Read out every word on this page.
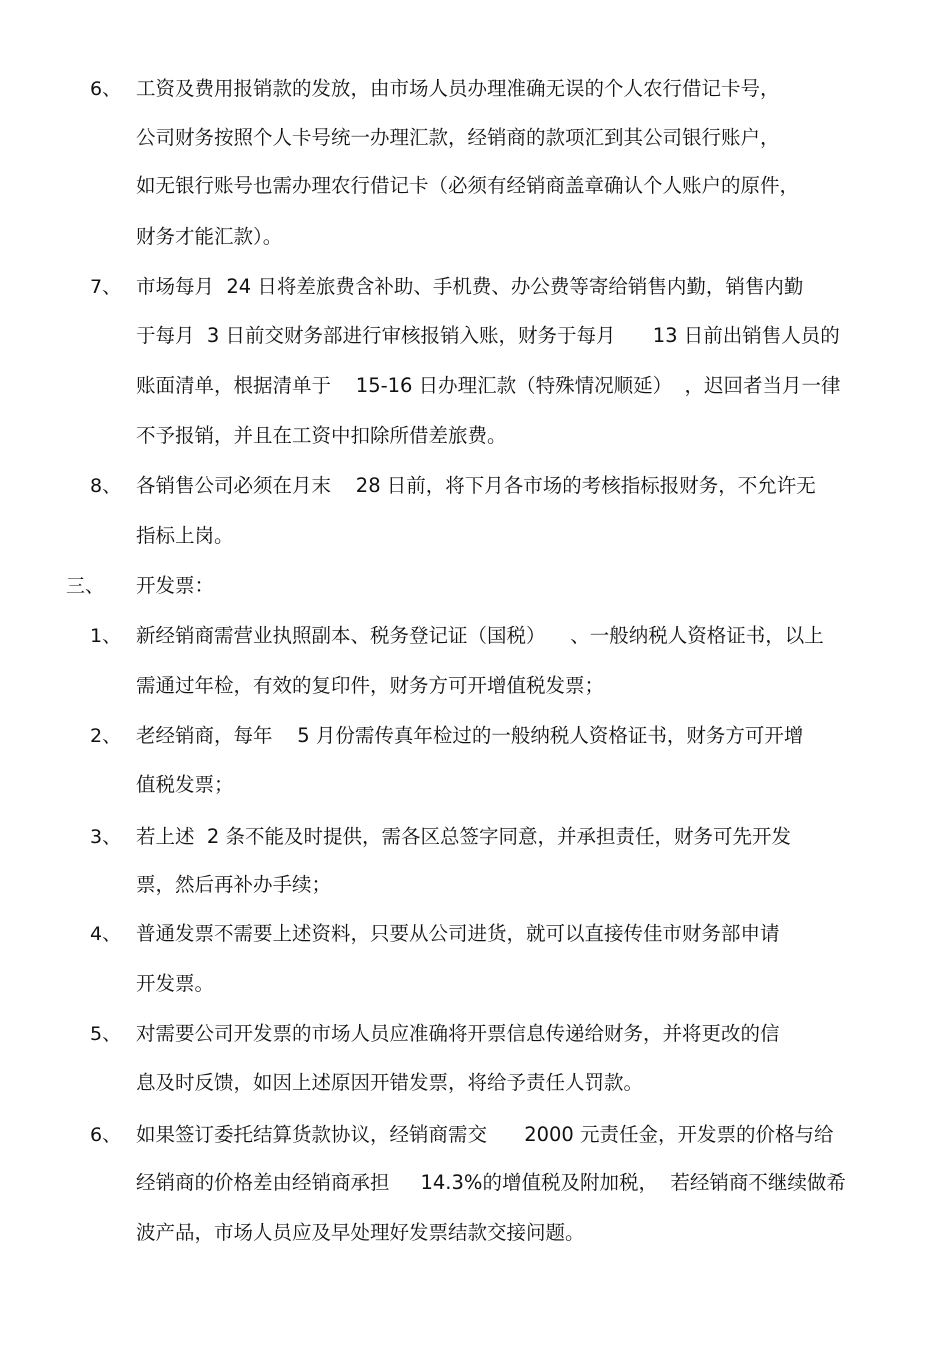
6、 工资及费用报销款的发放，由市场人员办理准确无误的个人农行借记卡号，
公司财务按照个人卡号统一办理汇款，经销商的款项汇到其公司银行账户，
如无银行账号也需办理农行借记卡（必须有经销商盖章确认个人账户的原件，
财务才能汇款）。
7、 市场每月  24 日将差旅费含补助、手机费、办公费等寄给销售内勤，销售内勤
于每月  3 日前交财务部进行审核报销入账，财务于每月      13 日前出销售人员的
账面清单，根据清单于    15-16 日办理汇款（特殊情况顺延）  ，迟回者当月一律
不予报销，并且在工资中扣除所借差旅费。
8、 各销售公司必须在月末    28 日前，将下月各市场的考核指标报财务，不允许无
指标上岗。
三、 开发票：
1、 新经销商需营业执照副本、税务登记证（国税）    、一般纳税人资格证书，以上
需通过年检，有效的复印件，财务方可开增值税发票；
2、 老经销商，每年    5 月份需传真年检过的一般纳税人资格证书，财务方可开增
值税发票；
3、 若上述  2 条不能及时提供，需各区总签字同意，并承担责任，财务可先开发
票，然后再补办手续；
4、 普通发票不需要上述资料，只要从公司进货，就可以直接传佳市财务部申请
开发票。
5、 对需要公司开发票的市场人员应准确将开票信息传递给财务，并将更改的信
息及时反馈，如因上述原因开错发票，将给予责任人罚款。
6、 如果签订委托结算货款协议，经销商需交      2000 元责任金，开发票的价格与给
经销商的价格差由经销商承担     14.3%的增值税及附加税，  若经销商不继续做希
波产品，市场人员应及早处理好发票结款交接问题。
